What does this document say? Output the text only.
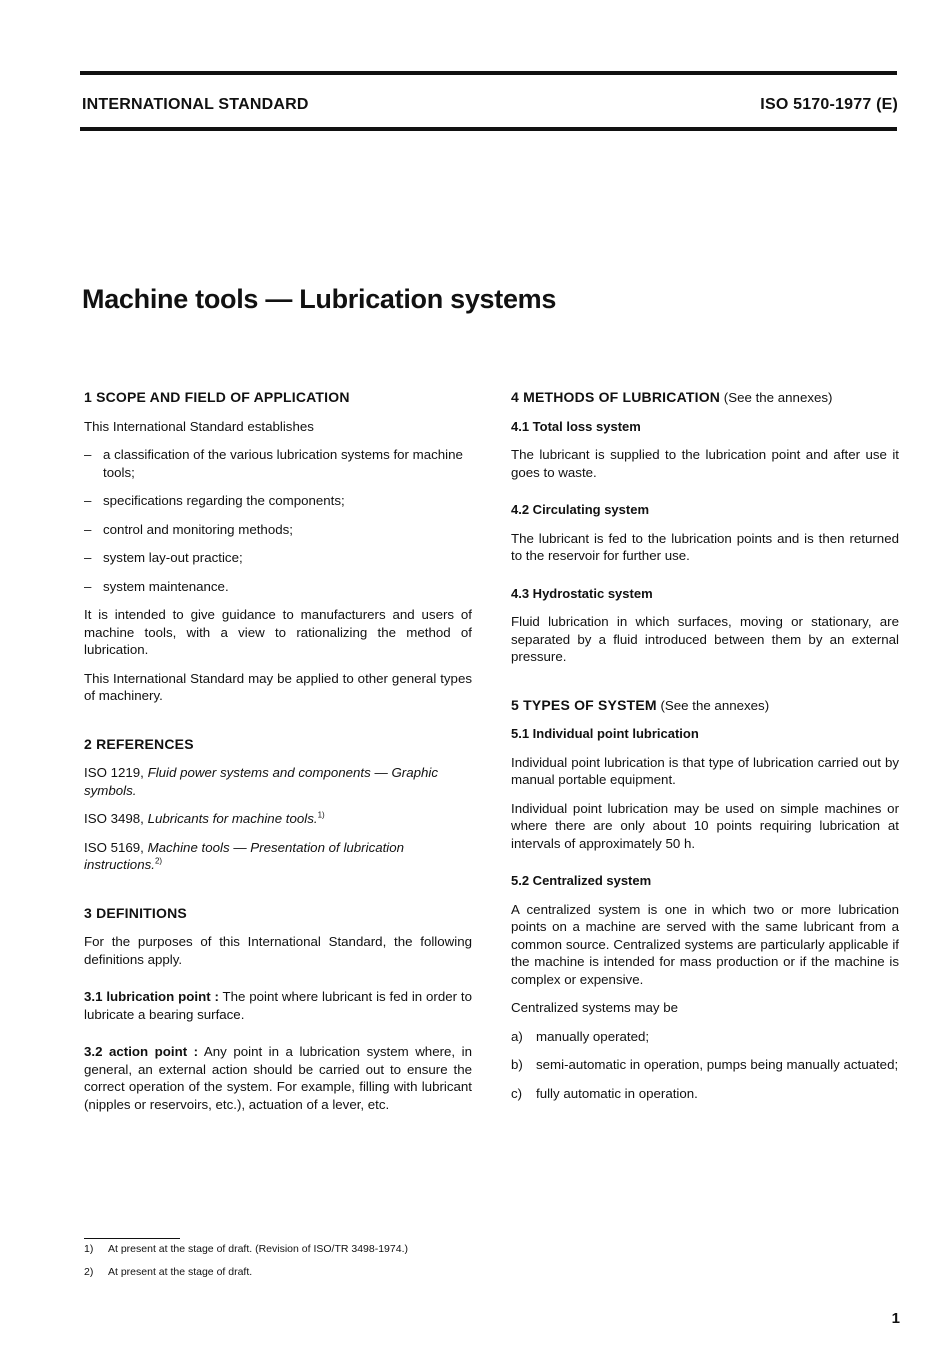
INTERNATIONAL STANDARD	ISO 5170-1977 (E)
Machine tools — Lubrication systems

1 SCOPE AND FIELD OF APPLICATION

This International Standard establishes

– a classification of the various lubrication systems for machine tools;

– specifications regarding the components;

– control and monitoring methods;

– system lay-out practice;

– system maintenance.

It is intended to give guidance to manufacturers and users of machine tools, with a view to rationalizing the method of lubrication.

This International Standard may be applied to other general types of machinery.

2 REFERENCES

ISO 1219, Fluid power systems and components — Graphic symbols.

ISO 3498, Lubricants for machine tools.$^{1)}$

ISO 5169, Machine tools — Presentation of lubrication instructions.$^{2)}$

3 DEFINITIONS

For the purposes of this International Standard, the following definitions apply.

3.1 lubrication point : The point where lubricant is fed in order to lubricate a bearing surface.

3.2 action point : Any point in a lubrication system where, in general, an external action should be carried out to ensure the correct operation of the system. For example, filling with lubricant (nipples or reservoirs, etc.), actuation of a lever, etc.

4 METHODS OF LUBRICATION (See the annexes)

4.1 Total loss system

The lubricant is supplied to the lubrication point and after use it goes to waste.

4.2 Circulating system

The lubricant is fed to the lubrication points and is then returned to the reservoir for further use.

4.3 Hydrostatic system

Fluid lubrication in which surfaces, moving or stationary, are separated by a fluid introduced between them by an external pressure.

5 TYPES OF SYSTEM (See the annexes)

5.1 Individual point lubrication

Individual point lubrication is that type of lubrication carried out by manual portable equipment.

Individual point lubrication may be used on simple machines or where there are only about 10 points requiring lubrication at intervals of approximately 50 h.

5.2 Centralized system

A centralized system is one in which two or more lubrication points on a machine are served with the same lubricant from a common source. Centralized systems are particularly applicable if the machine is intended for mass production or if the machine is complex or expensive.

Centralized systems may be

a) manually operated;

b) semi-automatic in operation, pumps being manually actuated;

c) fully automatic in operation.

1) At present at the stage of draft. (Revision of ISO/TR 3498-1974.)
2) At present at the stage of draft.
1
